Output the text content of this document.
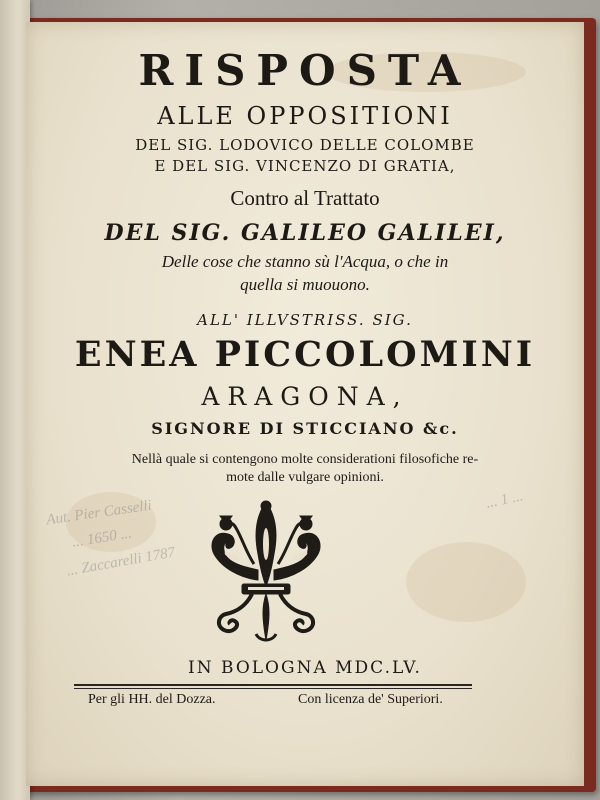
RISPOSTA
ALLE OPPOSITIONI
DEL SIG. LODOVICO DELLE COLOMBE
E DEL SIG. VINCENZO DI GRATIA,
Contro al Trattato
DEL SIG. GALILEO GALILEI,
Delle cose che stanno sù l'Acqua, o che in
quella si muouono.
ALL' ILLVSTRISS. SIG.
ENEA PICCOLOMINI
ARAGONA,
SIGNORE DI STICCIANO &c.
Nellà quale si contengono molte considerationi filosofiche re-
mote dalle vulgare opinioni.
Aut. Pier Casselli
... 1650 ...
... Zaccarelli 1787
... 1 ...
IN BOLOGNA MDC.LV.
Per gli HH. del Dozza.	Con licenza de' Superiori.
